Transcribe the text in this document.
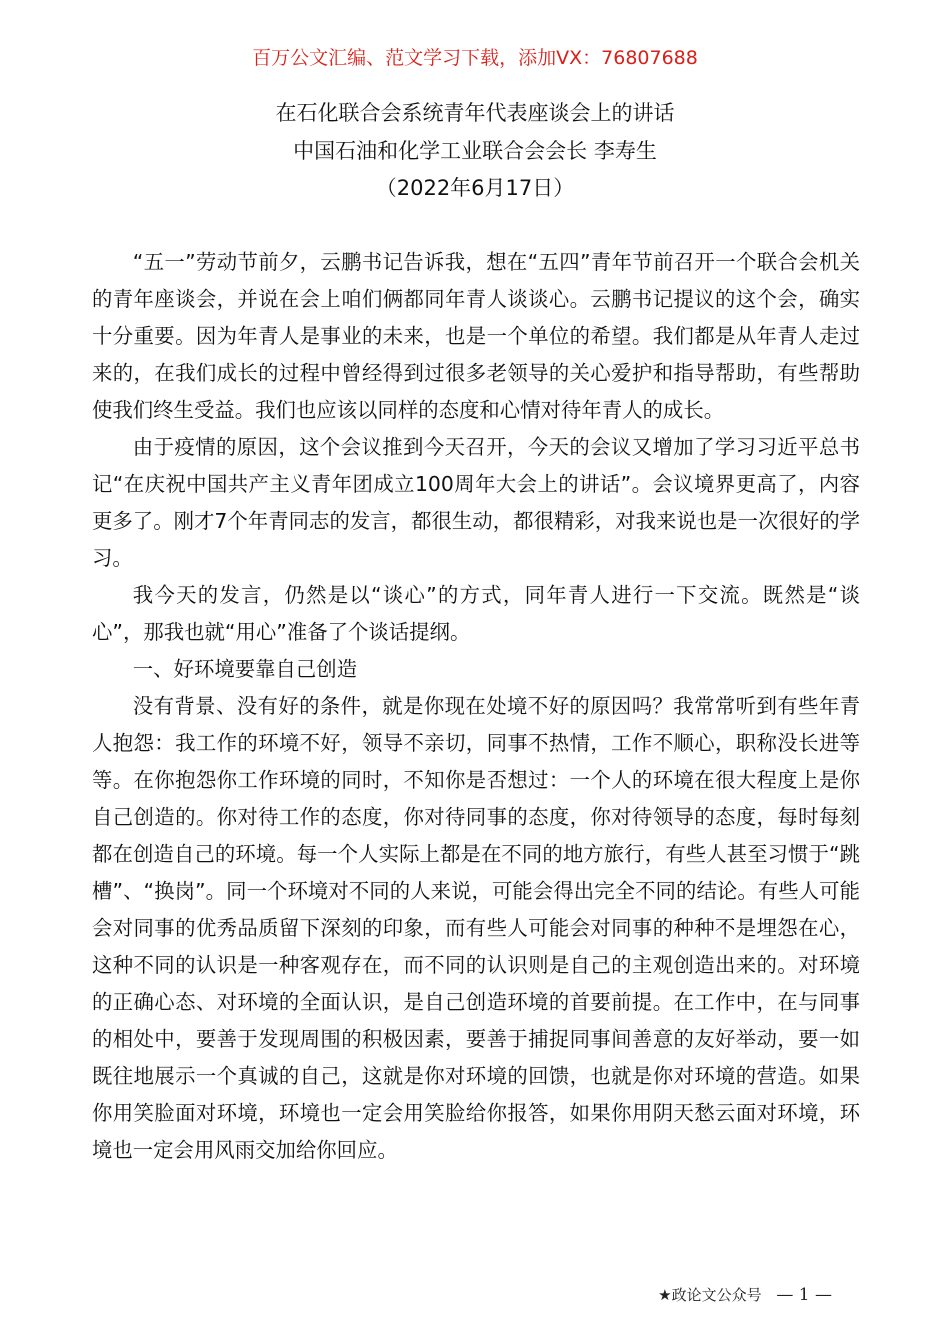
百万公文汇编、范文学习下载，添加VX：76807688
在石化联合会系统青年代表座谈会上的讲话
中国石油和化学工业联合会会长 李寿生
（2022年6月17日）

“五一”劳动节前夕，云鹏书记告诉我，想在“五四”青年节前召开一个联合会机关的青年座谈会，并说在会上咱们俩都同年青人谈谈心。云鹏书记提议的这个会，确实十分重要。因为年青人是事业的未来，也是一个单位的希望。我们都是从年青人走过来的，在我们成长的过程中曾经得到过很多老领导的关心爱护和指导帮助，有些帮助使我们终生受益。我们也应该以同样的态度和心情对待年青人的成长。

由于疫情的原因，这个会议推到今天召开，今天的会议又增加了学习习近平总书记“在庆祝中国共产主义青年团成立100周年大会上的讲话”。会议境界更高了，内容更多了。刚才7个年青同志的发言，都很生动，都很精彩，对我来说也是一次很好的学习。

我今天的发言，仍然是以“谈心”的方式，同年青人进行一下交流。既然是“谈心”，那我也就“用心”准备了个谈话提纲。

一、好环境要靠自己创造

没有背景、没有好的条件，就是你现在处境不好的原因吗？我常常听到有些年青人抱怨：我工作的环境不好，领导不亲切，同事不热情，工作不顺心，职称没长进等等。在你抱怨你工作环境的同时，不知你是否想过：一个人的环境在很大程度上是你自己创造的。你对待工作的态度，你对待同事的态度，你对待领导的态度，每时每刻都在创造自己的环境。每一个人实际上都是在不同的地方旅行，有些人甚至习惯于“跳槽”、“换岗”。同一个环境对不同的人来说，可能会得出完全不同的结论。有些人可能会对同事的优秀品质留下深刻的印象，而有些人可能会对同事的种种不是埋怨在心，这种不同的认识是一种客观存在，而不同的认识则是自己的主观创造出来的。对环境的正确心态、对环境的全面认识，是自己创造环境的首要前提。在工作中，在与同事的相处中，要善于发现周围的积极因素，要善于捕捉同事间善意的友好举动，要一如既往地展示一个真诚的自己，这就是你对环境的回馈，也就是你对环境的营造。如果你用笑脸面对环境，环境也一定会用笑脸给你报答，如果你用阴天愁云面对环境，环境也一定会用风雨交加给你回应。

★政论文公众号 — 1 —
